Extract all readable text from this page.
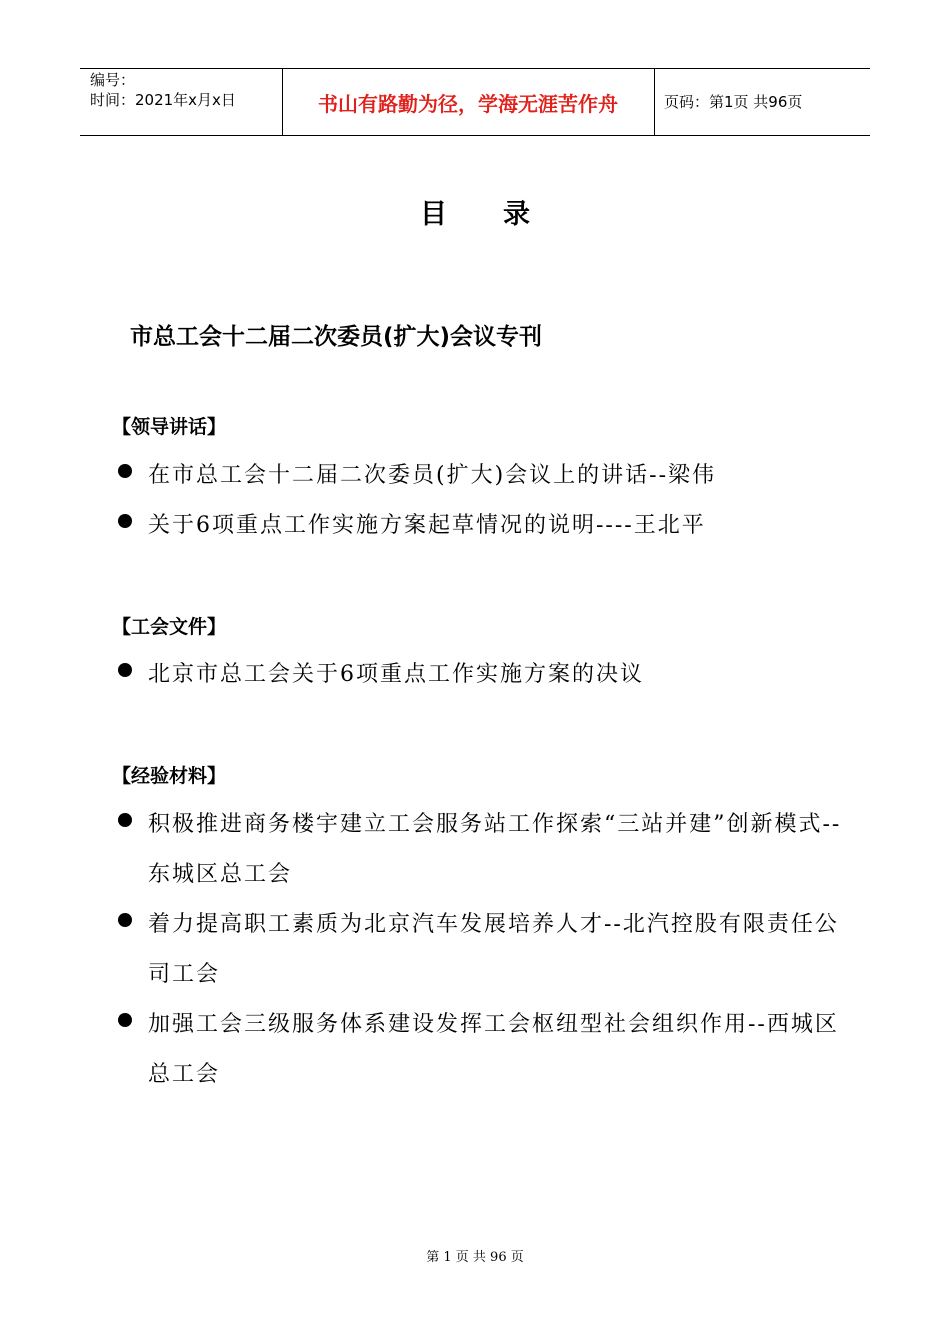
编号：
时间：2021年x月x日	书山有路勤为径，学海无涯苦作舟	页码：第1页 共96页
目录
市总工会十二届二次委员(扩大)会议专刊
【领导讲话】
在市总工会十二届二次委员(扩大)会议上的讲话--梁伟
关于6项重点工作实施方案起草情况的说明----王北平
【工会文件】
北京市总工会关于6项重点工作实施方案的决议
【经验材料】
积极推进商务楼宇建立工会服务站工作探索“三站并建”创新模式--东城区总工会
着力提高职工素质为北京汽车发展培养人才--北汽控股有限责任公司工会
加强工会三级服务体系建设发挥工会枢纽型社会组织作用--西城区总工会
第 1 页 共 96 页
